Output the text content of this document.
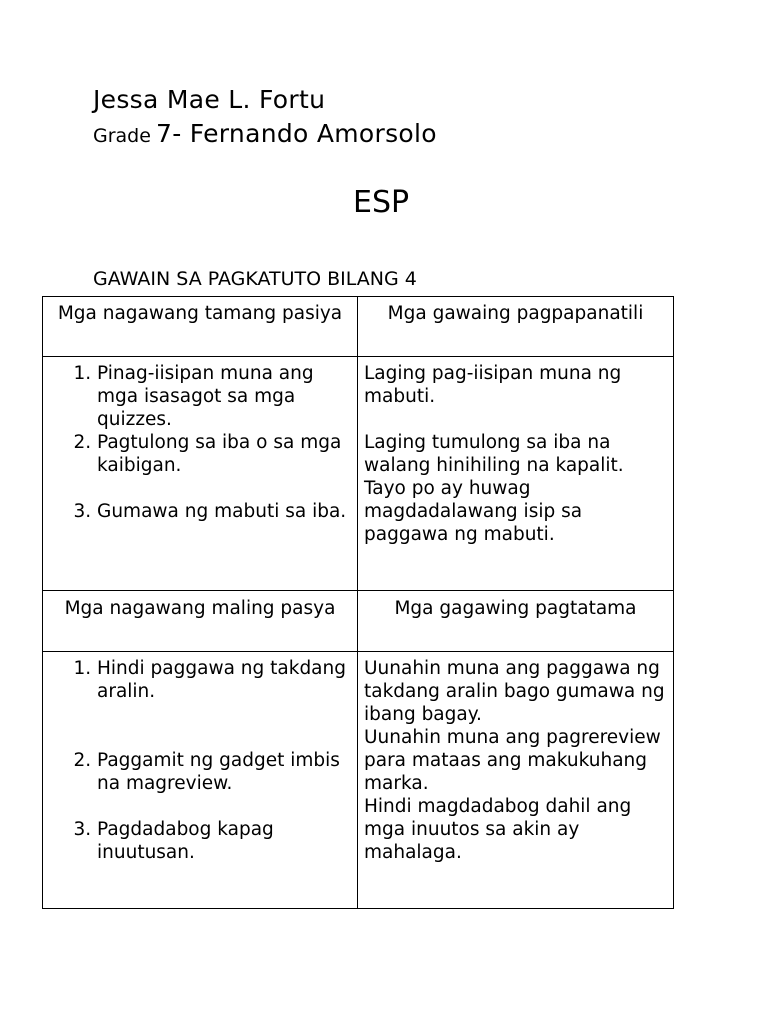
Jessa Mae L. Fortu
Grade 7- Fernando Amorsolo
ESP
GAWAIN SA PAGKATUTO BILANG 4
Mga nagawang tamang pasiya	Mga gawaing pagpapanatili
1. Pinag-iisipan muna ang mga isasagot sa mga quizzes.
2. Pagtulong sa iba o sa mga kaibigan.
3. Gumawa ng mabuti sa iba.

Laging pag-iisipan muna ng mabuti.

Laging tumulong sa iba na walang hinihiling na kapalit. Tayo po ay huwag magdadalawang isip sa paggawa ng mabuti.

Mga nagawang maling pasya	Mga gagawing pagtatama
1. Hindi paggawa ng takdang aralin.
2. Paggamit ng gadget imbis na magreview.
3. Pagdadabog kapag inuutusan.

Uunahin muna ang paggawa ng takdang aralin bago gumawa ng ibang bagay.

Uunahin muna ang pagrereview para mataas ang makukuhang marka.

Hindi magdadabog dahil ang mga inuutos sa akin ay mahalaga.
